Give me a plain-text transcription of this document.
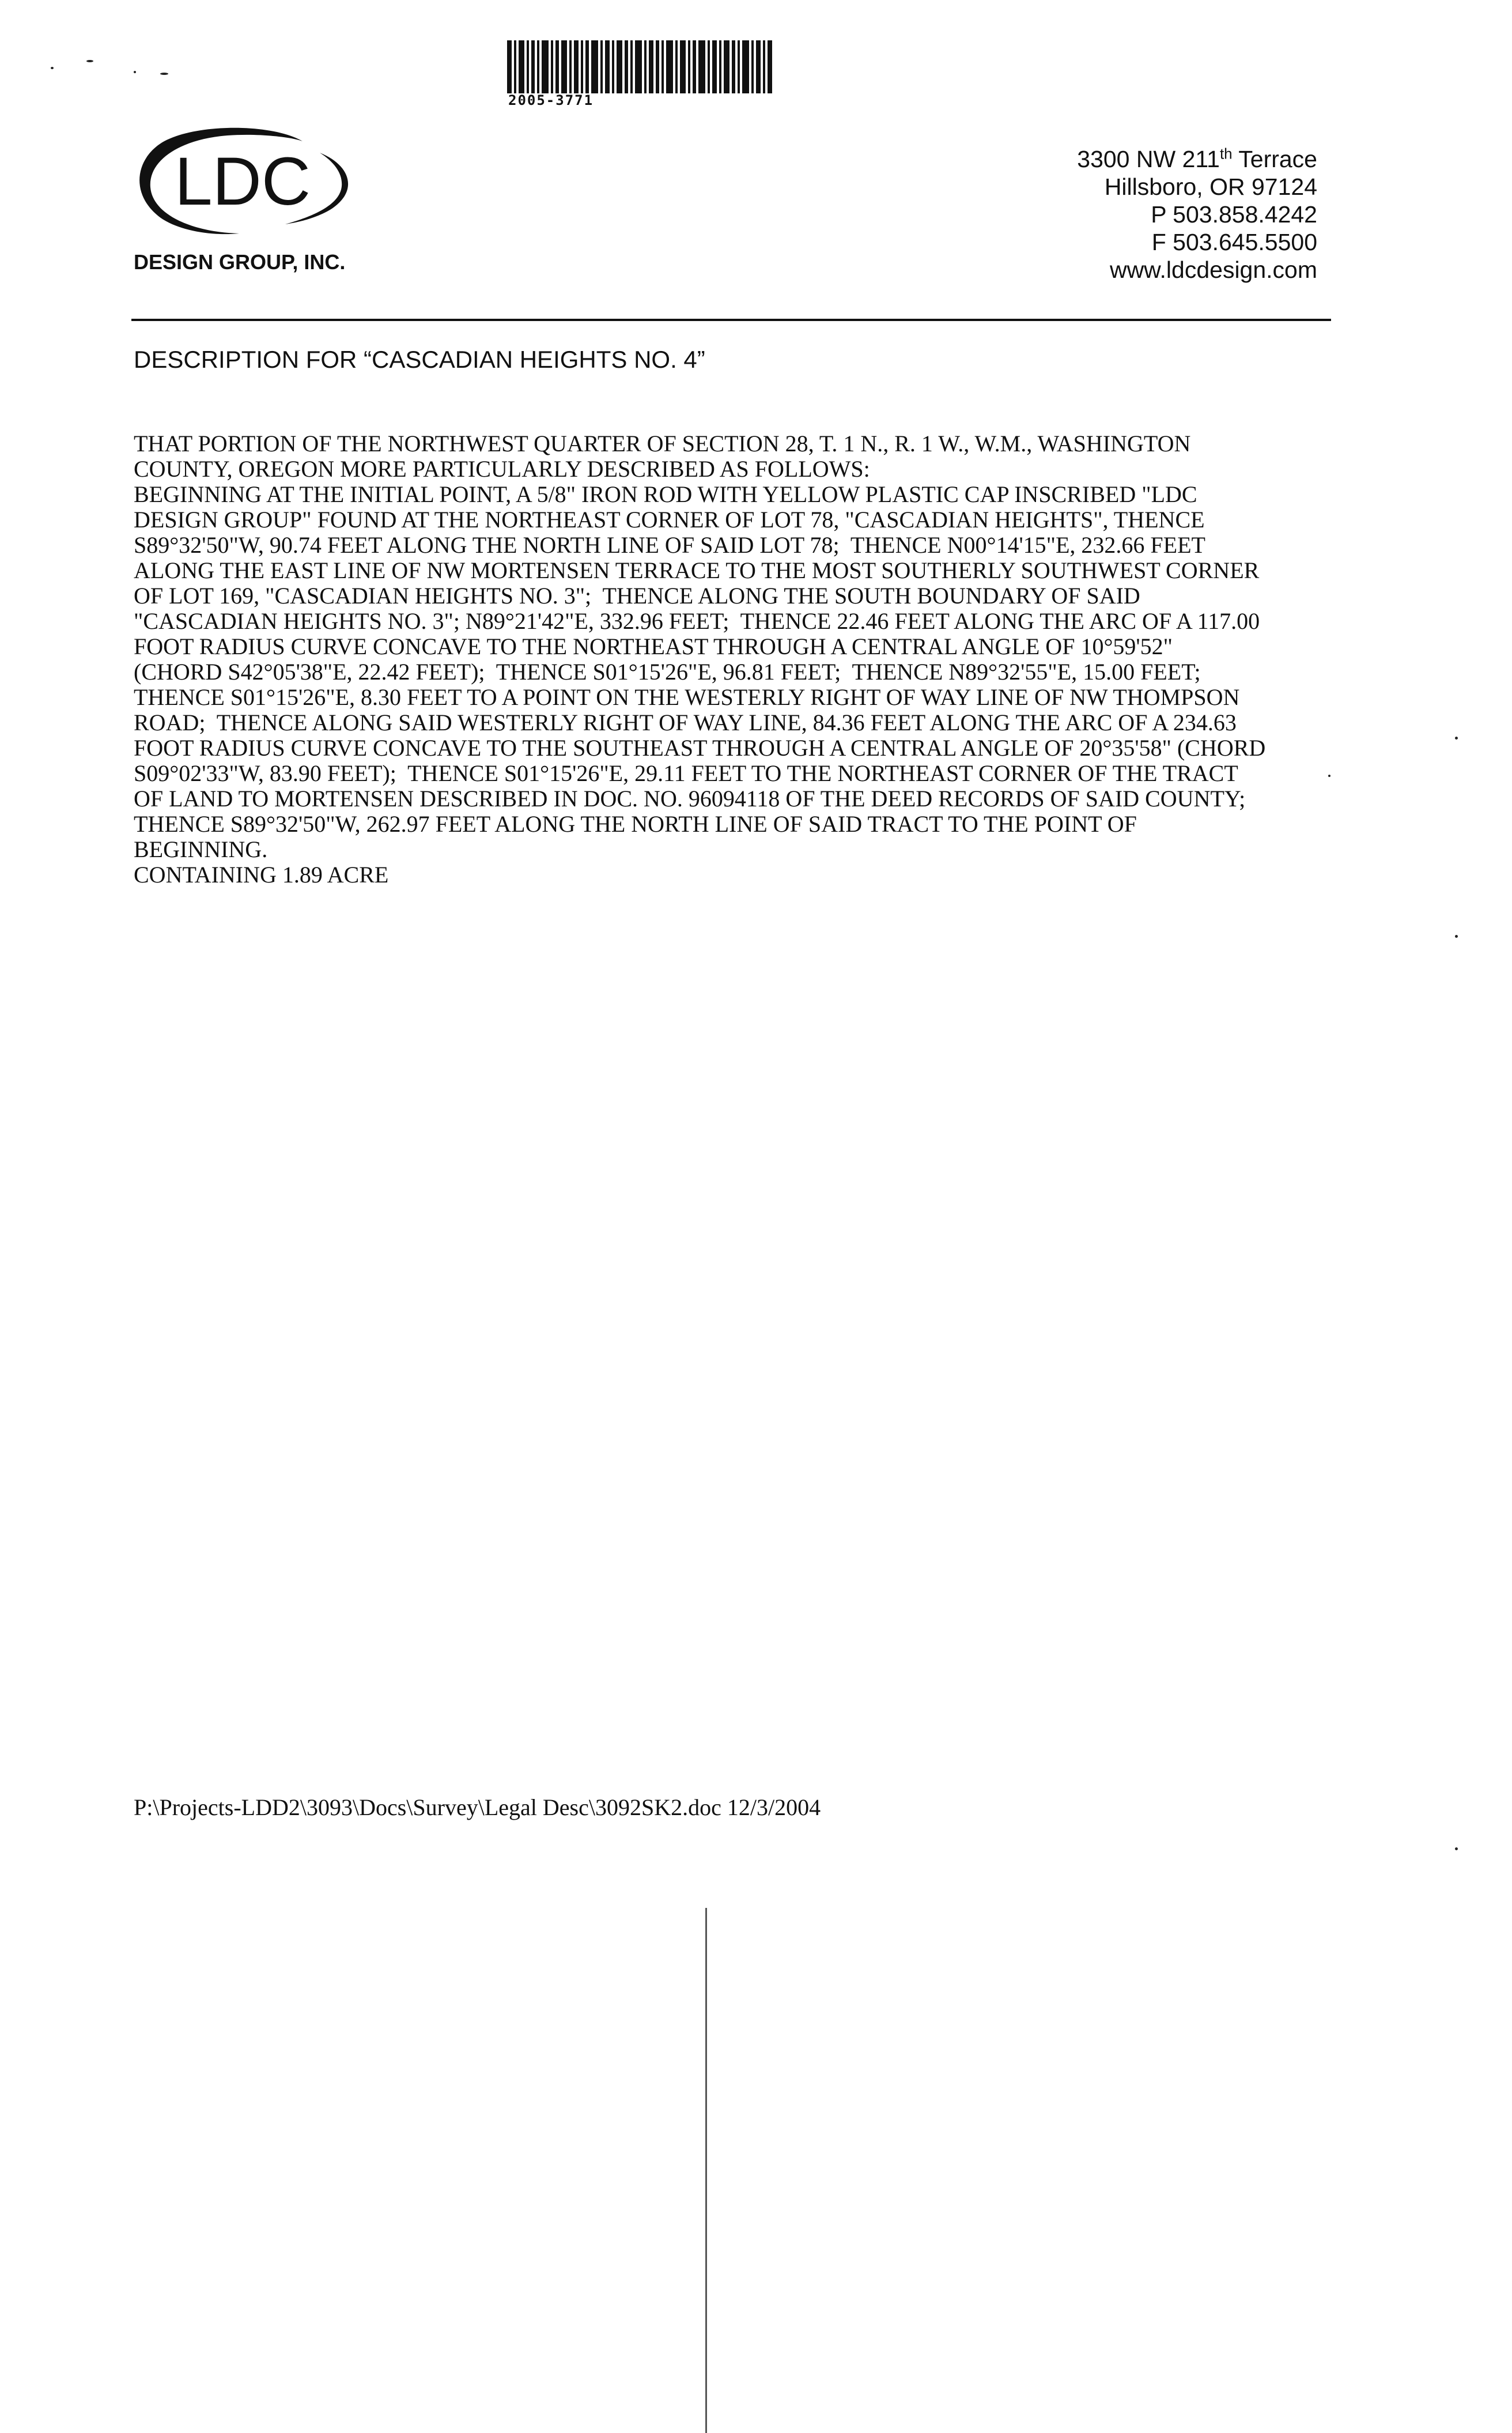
2005-3771
LDC
DESIGN GROUP, INC.
3300 NW 211th Terrace
Hillsboro, OR 97124
P 503.858.4242
F 503.645.5500
www.ldcdesign.com
DESCRIPTION FOR “CASCADIAN HEIGHTS NO. 4”
THAT PORTION OF THE NORTHWEST QUARTER OF SECTION 28, T. 1 N., R. 1 W., W.M., WASHINGTON
COUNTY, OREGON MORE PARTICULARLY DESCRIBED AS FOLLOWS:
BEGINNING AT THE INITIAL POINT, A 5/8" IRON ROD WITH YELLOW PLASTIC CAP INSCRIBED "LDC
DESIGN GROUP" FOUND AT THE NORTHEAST CORNER OF LOT 78, "CASCADIAN HEIGHTS", THENCE
S89°32'50"W, 90.74 FEET ALONG THE NORTH LINE OF SAID LOT 78;  THENCE N00°14'15"E, 232.66 FEET
ALONG THE EAST LINE OF NW MORTENSEN TERRACE TO THE MOST SOUTHERLY SOUTHWEST CORNER
OF LOT 169, "CASCADIAN HEIGHTS NO. 3";  THENCE ALONG THE SOUTH BOUNDARY OF SAID
"CASCADIAN HEIGHTS NO. 3"; N89°21'42"E, 332.96 FEET;  THENCE 22.46 FEET ALONG THE ARC OF A 117.00
FOOT RADIUS CURVE CONCAVE TO THE NORTHEAST THROUGH A CENTRAL ANGLE OF 10°59'52"
(CHORD S42°05'38"E, 22.42 FEET);  THENCE S01°15'26"E, 96.81 FEET;  THENCE N89°32'55"E, 15.00 FEET;
THENCE S01°15'26"E, 8.30 FEET TO A POINT ON THE WESTERLY RIGHT OF WAY LINE OF NW THOMPSON
ROAD;  THENCE ALONG SAID WESTERLY RIGHT OF WAY LINE, 84.36 FEET ALONG THE ARC OF A 234.63
FOOT RADIUS CURVE CONCAVE TO THE SOUTHEAST THROUGH A CENTRAL ANGLE OF 20°35'58" (CHORD
S09°02'33"W, 83.90 FEET);  THENCE S01°15'26"E, 29.11 FEET TO THE NORTHEAST CORNER OF THE TRACT
OF LAND TO MORTENSEN DESCRIBED IN DOC. NO. 96094118 OF THE DEED RECORDS OF SAID COUNTY;
THENCE S89°32'50"W, 262.97 FEET ALONG THE NORTH LINE OF SAID TRACT TO THE POINT OF
BEGINNING.
CONTAINING 1.89 ACRE
P:\Projects-LDD2\3093\Docs\Survey\Legal Desc\3092SK2.doc 12/3/2004
